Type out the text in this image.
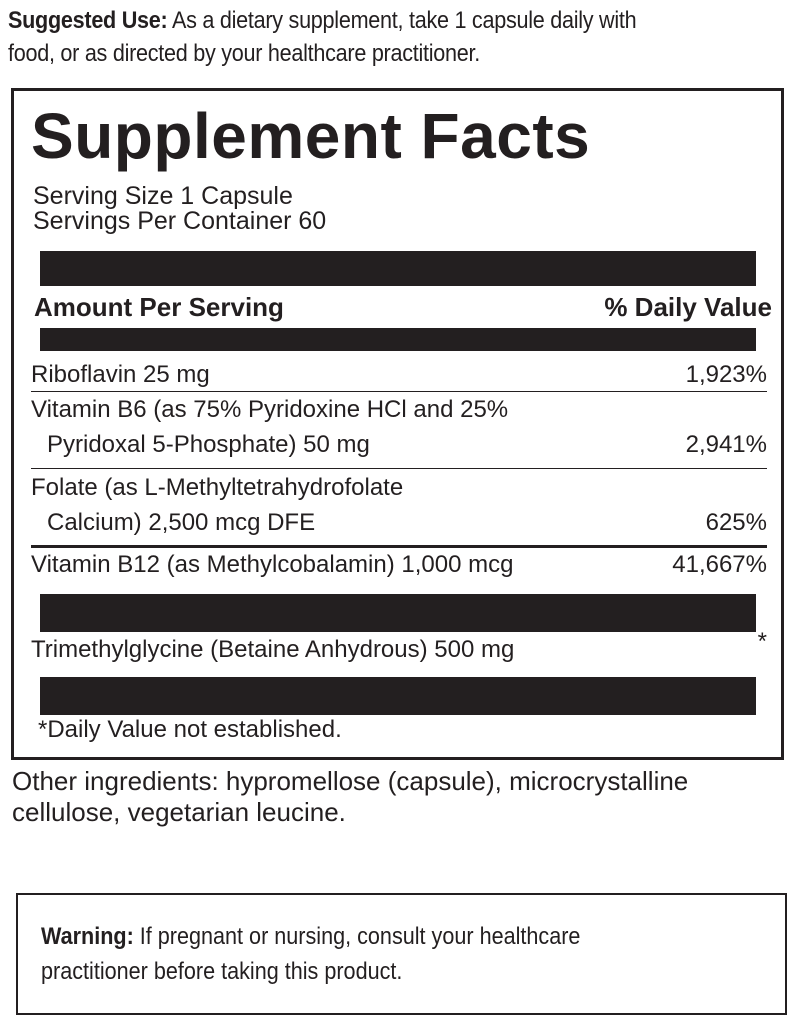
Suggested Use: As a dietary supplement, take 1 capsule daily with
food, or as directed by your healthcare practitioner.
Supplement Facts
Serving Size 1 Capsule
Servings Per Container 60
Amount Per Serving	% Daily Value
Riboflavin 25 mg	1,923%
Vitamin B6 (as 75% Pyridoxine HCl and 25%
Pyridoxal 5-Phosphate) 50 mg	2,941%
Folate (as L-Methyltetrahydrofolate
Calcium) 2,500 mcg DFE	625%
Vitamin B12 (as Methylcobalamin) 1,000 mcg	41,667%
Trimethylglycine (Betaine Anhydrous) 500 mg	*
*Daily Value not established.
Other ingredients: hypromellose (capsule), microcrystalline
cellulose, vegetarian leucine.
Warning: If pregnant or nursing, consult your healthcare
practitioner before taking this product.
